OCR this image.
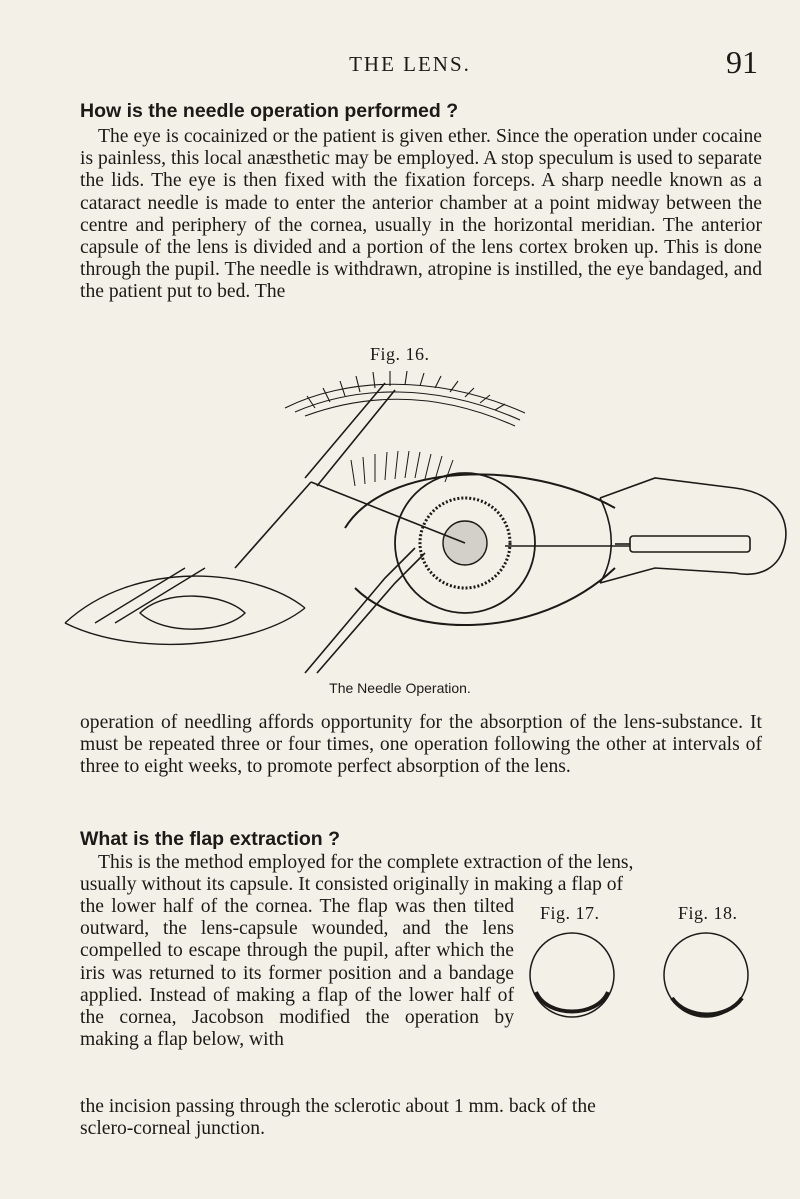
THE LENS.	91
How is the needle operation performed ?

The eye is cocainized or the patient is given ether. Since the operation under cocaine is painless, this local anæsthetic may be employed. A stop speculum is used to separate the lids. The eye is then fixed with the fixation forceps. A sharp needle known as a cataract needle is made to enter the anterior chamber at a point midway between the centre and periphery of the cornea, usually in the horizontal meridian. The anterior capsule of the lens is divided and a portion of the lens cortex broken up. This is done through the pupil. The needle is withdrawn, atropine is instilled, the eye bandaged, and the patient put to bed. The

Fig. 16.
The Needle Operation.

operation of needling affords opportunity for the absorption of the lens-substance. It must be repeated three or four times, one operation following the other at intervals of three to eight weeks, to promote perfect absorption of the lens.

What is the flap extraction ?

This is the method employed for the complete extraction of the lens,

usually without its capsule. It consisted originally in making a flap of

the lower half of the cornea. The flap was then tilted outward, the lens-capsule wounded, and the lens compelled to escape through the pupil, after which the iris was returned to its former position and a bandage applied. Instead of making a flap of the lower half of the cornea, Jacobson modified the operation by making a flap below, with

the incision passing through the sclerotic about 1 mm. back of the

sclero-corneal junction.

Fig. 17.	Fig. 18.
